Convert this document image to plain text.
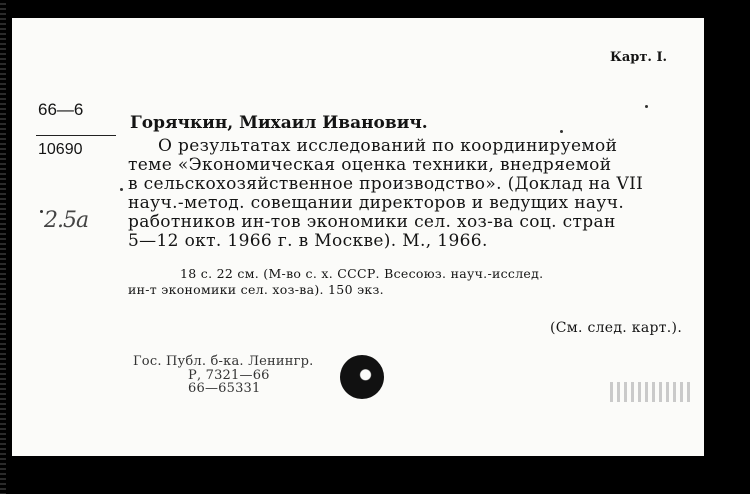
Карт. I.
66—6
10690
2.5а
Горячкин, Михаил Иванович.
О результатах исследований по координируемой
теме «Экономическая оценка техники, внедряемой
в сельскохозяйственное производство». (Доклад на VII
науч.-метод. совещании директоров и ведущих науч.
работников ин-тов экономики сел. хоз-ва соц. стран
5—12 окт. 1966 г. в Москве). М., 1966.
18 с. 22 см. (М-во с. х. СССР. Всесоюз. науч.-исслед.
ин-т экономики сел. хоз-ва). 150 экз.
(См. след. карт.).
Гос. Публ. б-ка. Ленингр.
Р, 7321—66
66—65331
